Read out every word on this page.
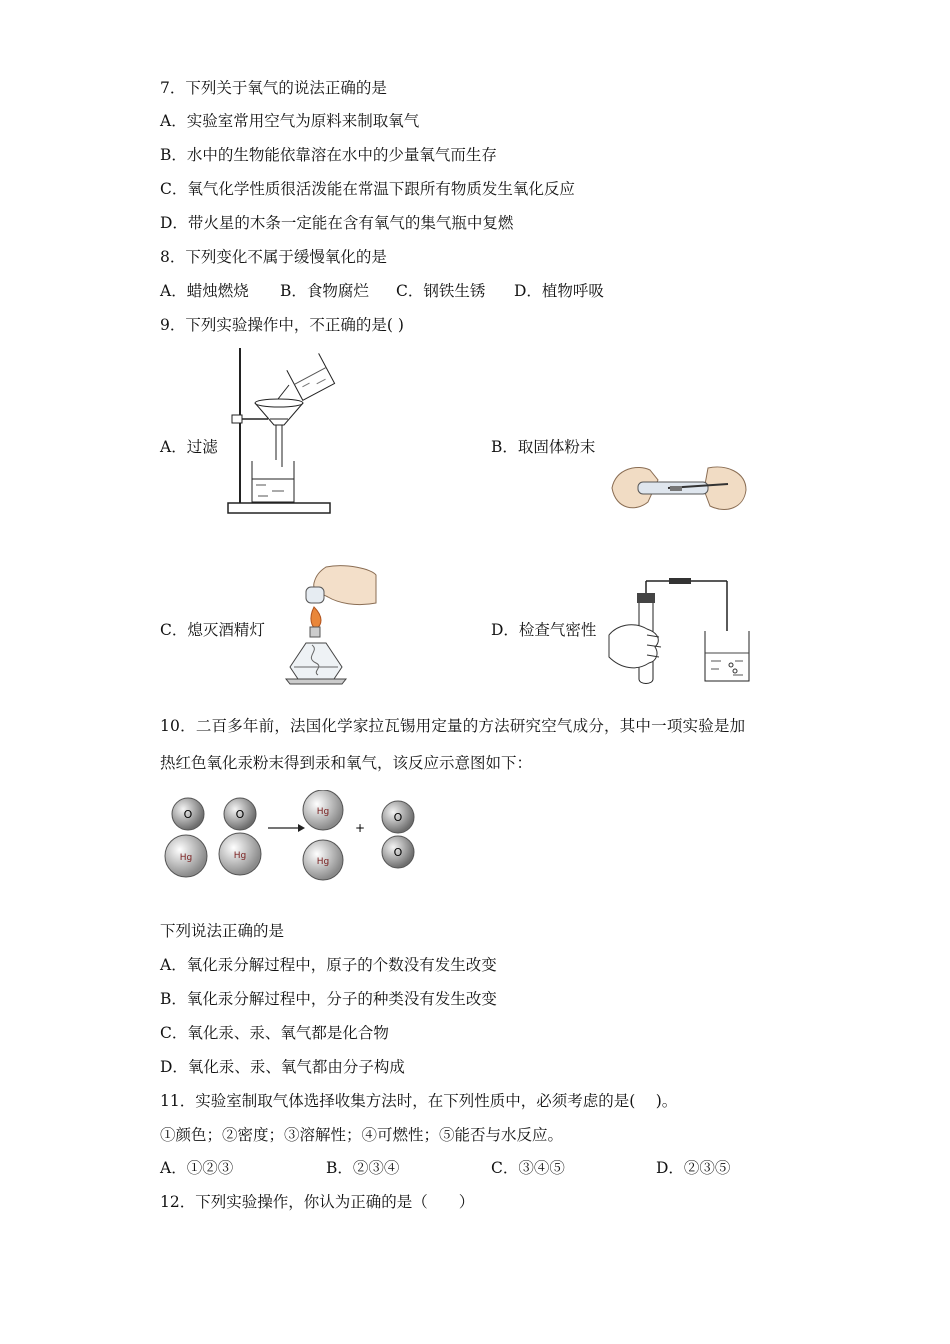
7．下列关于氧气的说法正确的是
A．实验室常用空气为原料来制取氧气
B．水中的生物能依靠溶在水中的少量氧气而生存
C．氧气化学性质很活泼能在常温下跟所有物质发生氧化反应
D．带火星的木条一定能在含有氧气的集气瓶中复燃
8．下列变化不属于缓慢氧化的是
A．蜡烛燃烧 B．食物腐烂 C．钢铁生锈 D．植物呼吸
9．下列实验操作中，不正确的是( )
A．过滤	B．取固体粉末
C．熄灭酒精灯	D．检查气密性
10．二百多年前，法国化学家拉瓦锡用定量的方法研究空气成分，其中一项实验是加
热红色氧化汞粉末得到汞和氧气，该反应示意图如下：
O
Hg
O
Hg
Hg
Hg
+
O
O
下列说法正确的是
A．氧化汞分解过程中，原子的个数没有发生改变
B．氧化汞分解过程中，分子的种类没有发生改变
C．氧化汞、汞、氧气都是化合物
D．氧化汞、汞、氧气都由分子构成
11．实验室制取气体选择收集方法时，在下列性质中，必须考虑的是(　 )。
①颜色；②密度；③溶解性；④可燃性；⑤能否与水反应。
A．①②③	B．②③④	C．③④⑤	D．②③⑤
12．下列实验操作，你认为正确的是（　　）
